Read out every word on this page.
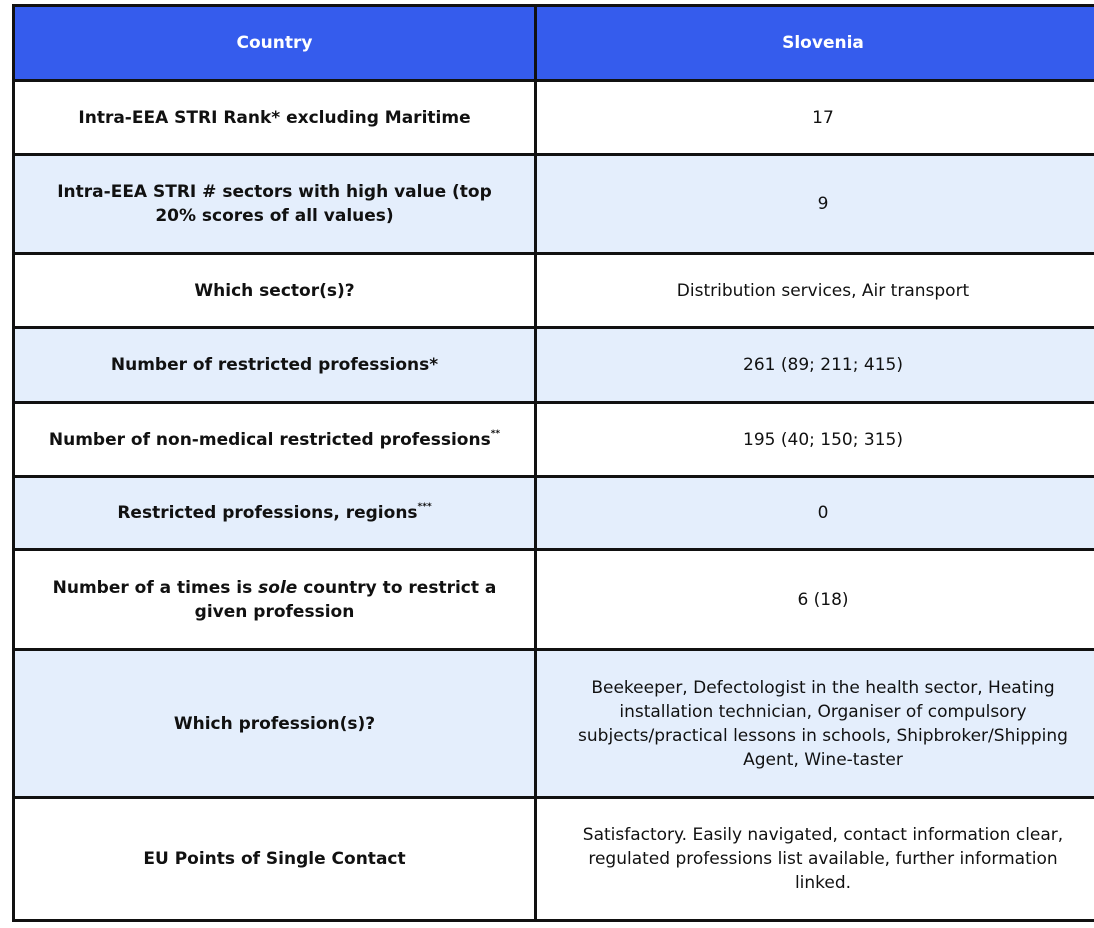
Country	Slovenia
Intra-EEA STRI Rank* excluding Maritime	17
Intra-EEA STRI # sectors with high value (top 20% scores of all values)	9
Which sector(s)?	Distribution services, Air transport
Number of restricted professions*	261 (89; 211; 415)
Number of non-medical restricted professions**	195 (40; 150; 315)
Restricted professions, regions***	0
Number of a times is sole country to restrict a given profession	6 (18)
Which profession(s)?	Beekeeper, Defectologist in the health sector, Heating installation technician, Organiser of compulsory subjects/practical lessons in schools, Shipbroker/Shipping Agent, Wine-taster
EU Points of Single Contact	Satisfactory. Easily navigated, contact information clear, regulated professions list available, further information linked.
